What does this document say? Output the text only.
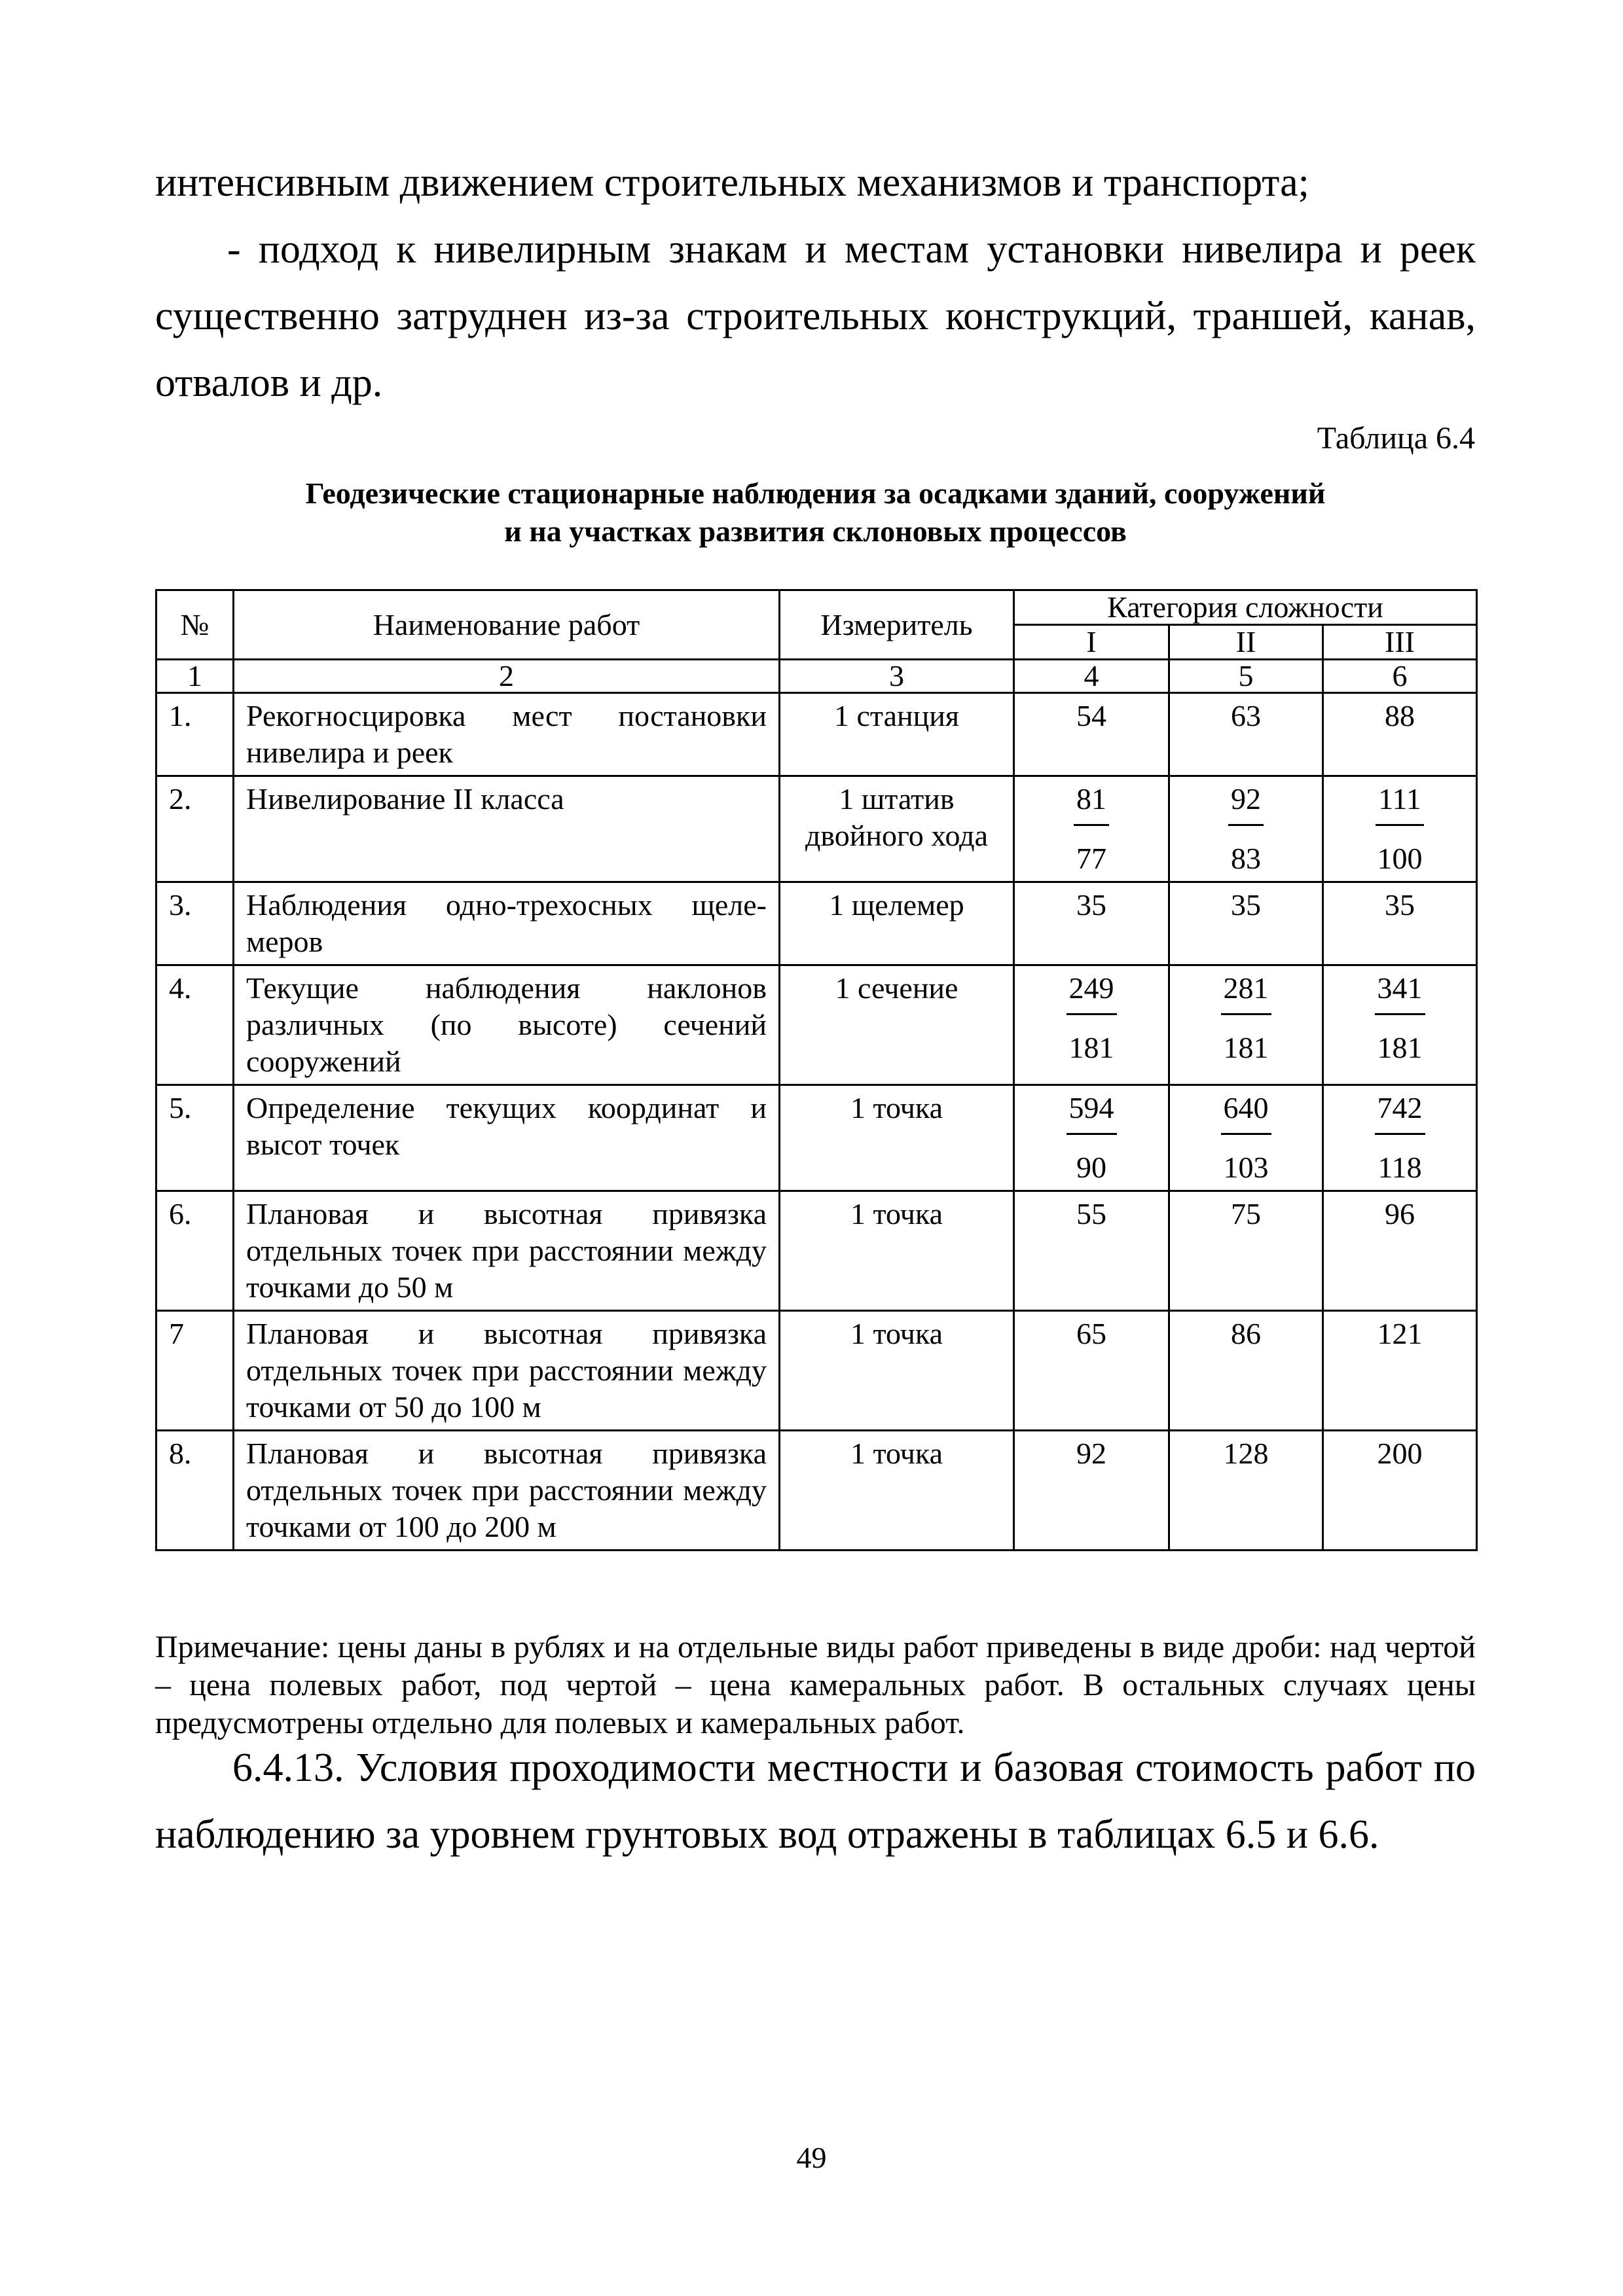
интенсивным движением строительных механизмов и транспорта;

- подход к нивелирным знакам и местам установки нивелира и реек существенно затруднен из-за строительных конструкций, траншей, канав, отвалов и др.

Таблица 6.4
Геодезические стационарные наблюдения за осадками зданий, сооружений
и на участках развития склоновых процессов
№	Наименование работ	Измеритель	Категория сложности		
			I	II	III
1	2	3	4	5	6
1.	Рекогносцировка мест постановки нивелира и реек	1 станция	54	63	88
2.	Нивелирование II класса	1 штатив двойного хода	$\frac{81}{77}$	$\frac{92}{83}$	$\frac{111}{100}$

3.	Наблюдения одно-трехосных щеле-меров	1 щелемер	35	35	35
4.	Текущие наблюдения наклонов различных (по высоте) сечений сооружений	1 сечение	$\frac{249}{181}$	$\frac{281}{181}$	$\frac{341}{181}$

5.	Определение текущих координат и высот точек	1 точка	$\frac{594}{90}$	$\frac{640}{103}$	$\frac{742}{118}$

6.	Плановая и высотная привязка отдельных точек при расстоянии между точками до 50 м	1 точка	55	75	96
7	Плановая и высотная привязка отдельных точек при расстоянии между точками от 50 до 100 м	1 точка	65	86	121
8.	Плановая и высотная привязка отдельных точек при расстоянии между точками от 100 до 200 м	1 точка	92	128	200

Примечание: цены даны в рублях и на отдельные виды работ приведены в виде дроби: над чертой – цена полевых работ, под чертой – цена камеральных работ. В остальных случаях цены предусмотрены отдельно для полевых и камеральных работ.

6.4.13. Условия проходимости местности и базовая стоимость работ по наблюдению за уровнем грунтовых вод отражены в таблицах 6.5 и 6.6.

49
